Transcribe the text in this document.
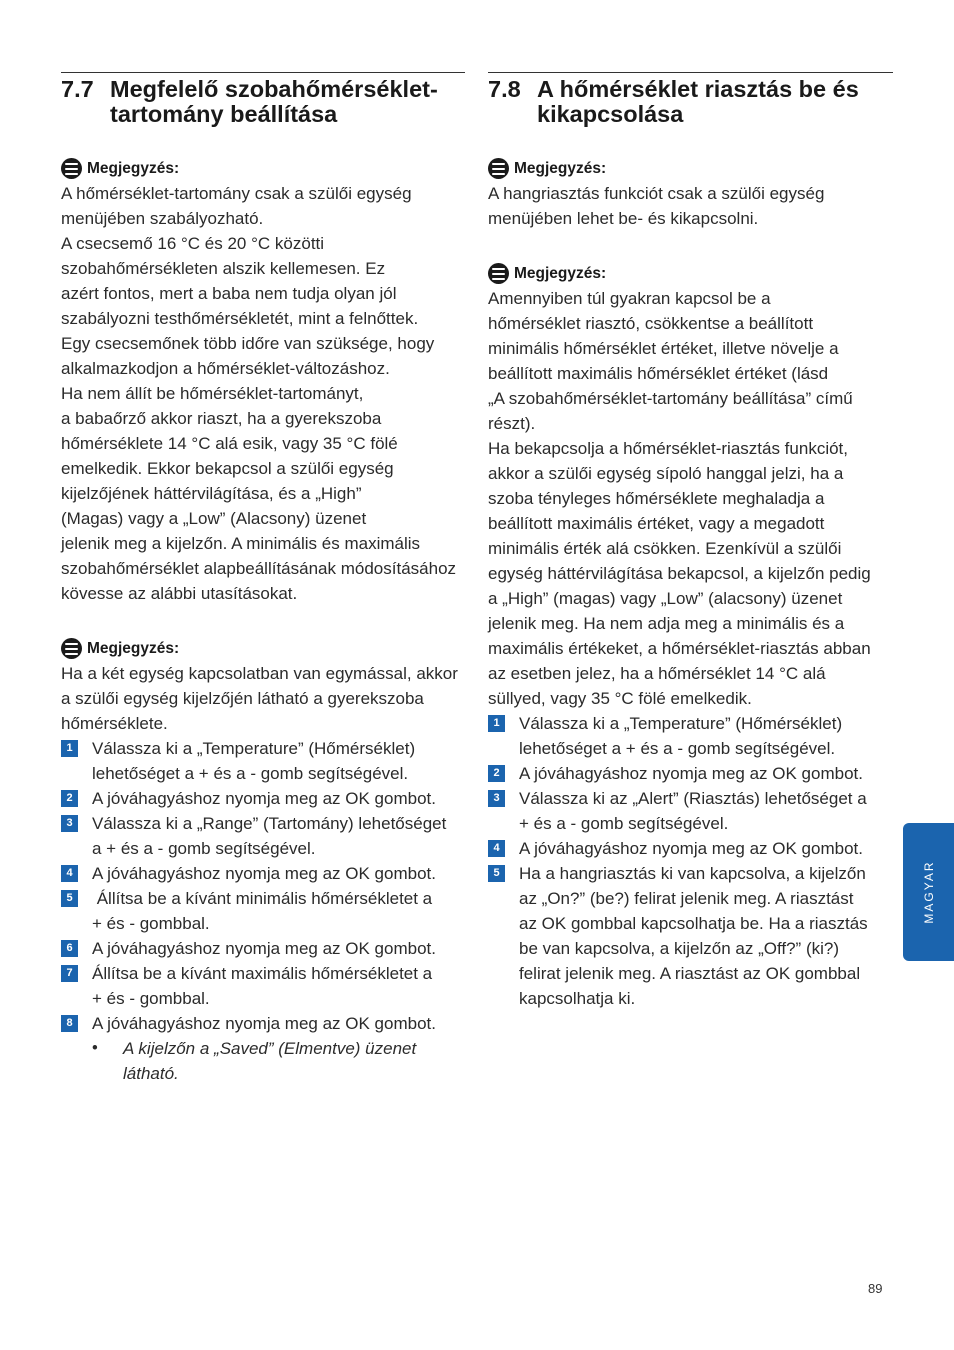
7.7 Megfelelő szobahőmérséklet-tartomány beállítása
Megjegyzés:
A hőmérséklet-tartomány csak a szülői egység
menüjében szabályozható.
A csecsemő 16 °C és 20 °C közötti
szobahőmérsékleten alszik kellemesen. Ez
azért fontos, mert a baba nem tudja olyan jól
szabályozni testhőmérsékletét, mint a felnőttek.
Egy csecsemőnek több időre van szüksége, hogy
alkalmazkodjon a hőmérséklet-változáshoz.
Ha nem állít be hőmérséklet-tartományt,
a babaőrző akkor riaszt, ha a gyerekszoba
hőmérséklete 14 °C alá esik, vagy 35 °C fölé
emelkedik. Ekkor bekapcsol a szülői egység
kijelzőjének háttérvilágítása, és a „High”
(Magas) vagy a „Low” (Alacsony) üzenet
jelenik meg a kijelzőn. A minimális és maximális
szobahőmérséklet alapbeállításának módosításához
kövesse az alábbi utasításokat.
Megjegyzés:
Ha a két egység kapcsolatban van egymással, akkor
a szülői egység kijelzőjén látható a gyerekszoba
hőmérséklete.
1	Válassza ki a „Temperature” (Hőmérséklet)
lehetőséget a + és a - gomb segítségével.
2	A jóváhagyáshoz nyomja meg az OK gombot.
3	Válassza ki a „Range” (Tartomány) lehetőséget
a + és a - gomb segítségével.
4	A jóváhagyáshoz nyomja meg az OK gombot.
5	Állítsa be a kívánt minimális hőmérsékletet a
+ és - gombbal.
6	A jóváhagyáshoz nyomja meg az OK gombot.
7	Állítsa be a kívánt maximális hőmérsékletet a
+ és - gombbal.
8	A jóváhagyáshoz nyomja meg az OK gombot.
•	A kijelzőn a „Saved” (Elmentve) üzenet
látható.
7.8 A hőmérséklet riasztás be és kikapcsolása
Megjegyzés:
A hangriasztás funkciót csak a szülői egység
menüjében lehet be- és kikapcsolni.
Megjegyzés:
Amennyiben túl gyakran kapcsol be a
hőmérséklet riasztó, csökkentse a beállított
minimális hőmérséklet értéket, illetve növelje a
beállított maximális hőmérséklet értéket (lásd
„A szobahőmérséklet-tartomány beállítása” című
részt).
Ha bekapcsolja a hőmérséklet-riasztás funkciót,
akkor a szülői egység sípoló hanggal jelzi, ha a
szoba tényleges hőmérséklete meghaladja a
beállított maximális értéket, vagy a megadott
minimális érték alá csökken. Ezenkívül a szülői
egység háttérvilágítása bekapcsol, a kijelzőn pedig
a „High” (magas) vagy „Low” (alacsony) üzenet
jelenik meg. Ha nem adja meg a minimális és a
maximális értékeket, a hőmérséklet-riasztás abban
az esetben jelez, ha a hőmérséklet 14 °C alá
süllyed, vagy 35 °C fölé emelkedik.
1	Válassza ki a „Temperature” (Hőmérséklet)
lehetőséget a + és a - gomb segítségével.
2	A jóváhagyáshoz nyomja meg az OK gombot.
3	Válassza ki az „Alert” (Riasztás) lehetőséget a
+ és a - gomb segítségével.
4	A jóváhagyáshoz nyomja meg az OK gombot.
5	Ha a hangriasztás ki van kapcsolva, a kijelzőn
az „On?” (be?) felirat jelenik meg. A riasztást
az OK gombbal kapcsolhatja be. Ha a riasztás
be van kapcsolva, a kijelzőn az „Off?” (ki?)
felirat jelenik meg. A riasztást az OK gombbal
kapcsolhatja ki.
MAGYAR
89
